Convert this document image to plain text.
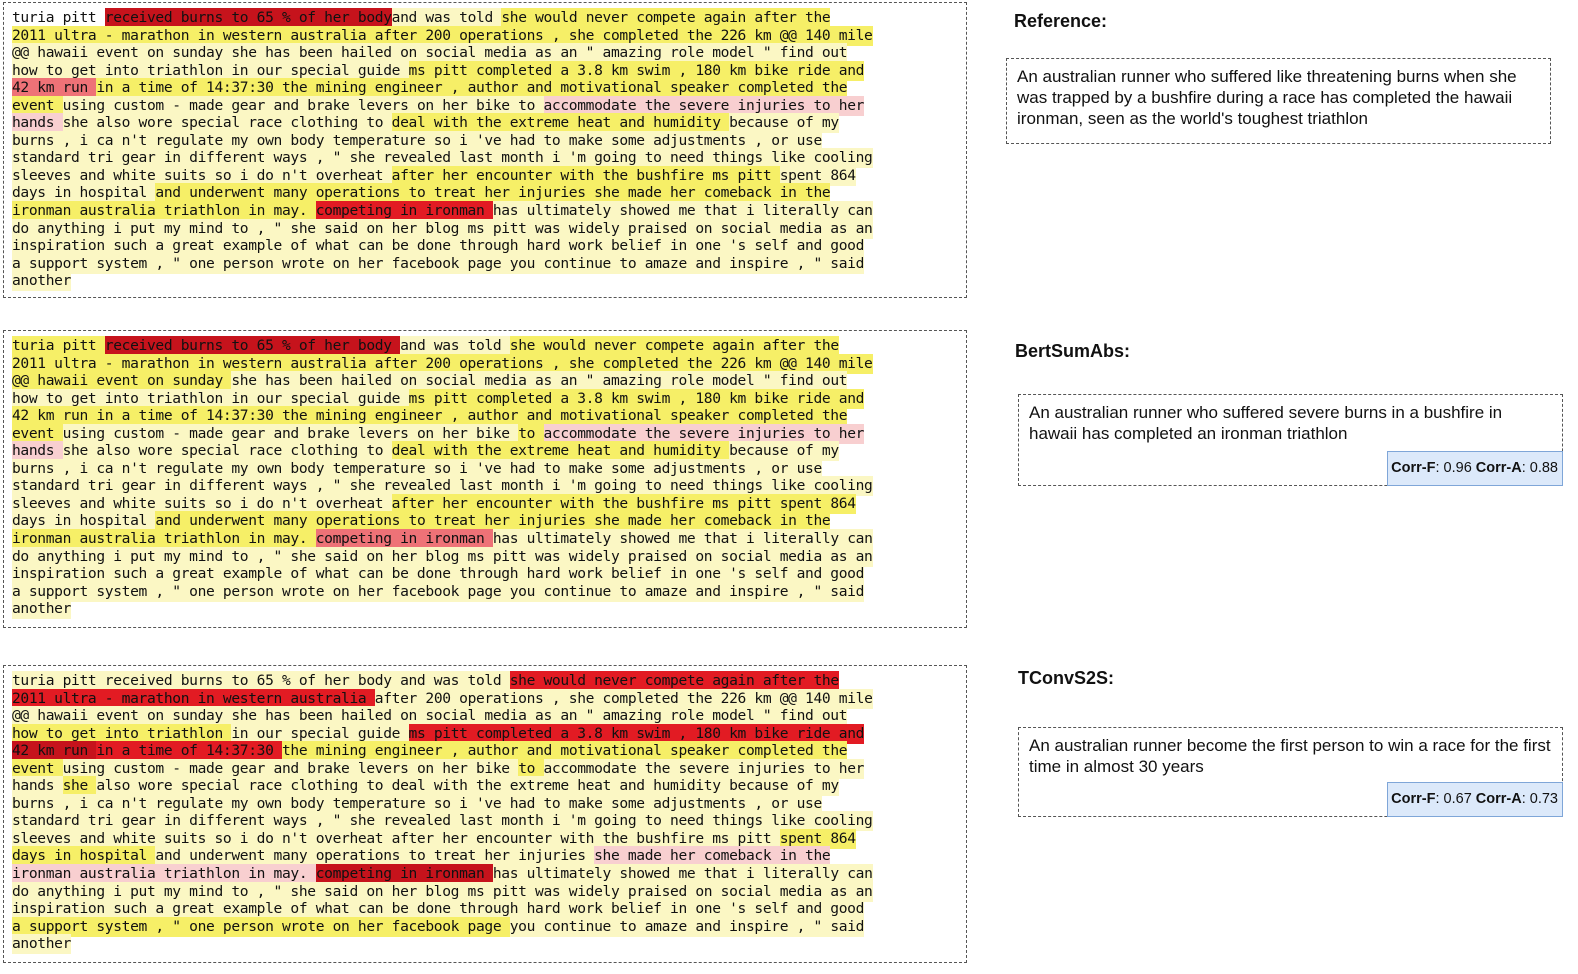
turia pitt received burns to 65 % of her bodyand was told she would never compete again after the
2011 ultra - marathon in western australia after 200 operations , she completed the 226 km @@ 140 mile
@@ hawaii event on sunday she has been hailed on social media as an " amazing role model " find out
how to get into triathlon in our special guide ms pitt completed a 3.8 km swim , 180 km bike ride and
42 km run in a time of 14:37:30 the mining engineer , author and motivational speaker completed the
event using custom - made gear and brake levers on her bike to accommodate the severe injuries to her
hands she also wore special race clothing to deal with the extreme heat and humidity because of my
burns , i ca n't regulate my own body temperature so i 've had to make some adjustments , or use
standard tri gear in different ways , " she revealed last month i 'm going to need things like cooling
sleeves and white suits so i do n't overheat after her encounter with the bushfire ms pitt spent 864
days in hospital and underwent many operations to treat her injuries she made her comeback in the
ironman australia triathlon in may. competing in ironman has ultimately showed me that i literally can
do anything i put my mind to , " she said on her blog ms pitt was widely praised on social media as an
inspiration such a great example of what can be done through hard work belief in one 's self and good
a support system , " one person wrote on her facebook page you continue to amaze and inspire , " said
another
turia pitt received burns to 65 % of her body and was told she would never compete again after the
2011 ultra - marathon in western australia after 200 operations , she completed the 226 km @@ 140 mile
@@ hawaii event on sunday she has been hailed on social media as an " amazing role model " find out
how to get into triathlon in our special guide ms pitt completed a 3.8 km swim , 180 km bike ride and
42 km run in a time of 14:37:30 the mining engineer , author and motivational speaker completed the
event using custom - made gear and brake levers on her bike to accommodate the severe injuries to her
hands she also wore special race clothing to deal with the extreme heat and humidity because of my
burns , i ca n't regulate my own body temperature so i 've had to make some adjustments , or use
standard tri gear in different ways , " she revealed last month i 'm going to need things like cooling
sleeves and white suits so i do n't overheat after her encounter with the bushfire ms pitt spent 864
days in hospital and underwent many operations to treat her injuries she made her comeback in the
ironman australia triathlon in may. competing in ironman has ultimately showed me that i literally can
do anything i put my mind to , " she said on her blog ms pitt was widely praised on social media as an
inspiration such a great example of what can be done through hard work belief in one 's self and good
a support system , " one person wrote on her facebook page you continue to amaze and inspire , " said
another
turia pitt received burns to 65 % of her body and was told she would never compete again after the
2011 ultra - marathon in western australia after 200 operations , she completed the 226 km @@ 140 mile
@@ hawaii event on sunday she has been hailed on social media as an " amazing role model " find out
how to get into triathlon in our special guide ms pitt completed a 3.8 km swim , 180 km bike ride and
42 km run in a time of 14:37:30 the mining engineer , author and motivational speaker completed the
event using custom - made gear and brake levers on her bike to accommodate the severe injuries to her
hands she also wore special race clothing to deal with the extreme heat and humidity because of my
burns , i ca n't regulate my own body temperature so i 've had to make some adjustments , or use
standard tri gear in different ways , " she revealed last month i 'm going to need things like cooling
sleeves and white suits so i do n't overheat after her encounter with the bushfire ms pitt spent 864
days in hospital and underwent many operations to treat her injuries she made her comeback in the
ironman australia triathlon in may. competing in ironman has ultimately showed me that i literally can
do anything i put my mind to , " she said on her blog ms pitt was widely praised on social media as an
inspiration such a great example of what can be done through hard work belief in one 's self and good
a support system , " one person wrote on her facebook page you continue to amaze and inspire , " said
another
Reference:
An australian runner who suffered like threatening burns when she was trapped by a bushfire during a race has completed the hawaii ironman, seen as the world's toughest triathlon
BertSumAbs:
An australian runner who suffered severe burns in a bushfire in hawaii has completed an ironman triathlon
Corr-F: 0.96 Corr-A: 0.88
TConvS2S:
An australian runner become the first person to win a race for the first time in almost 30 years
Corr-F: 0.67 Corr-A: 0.73
